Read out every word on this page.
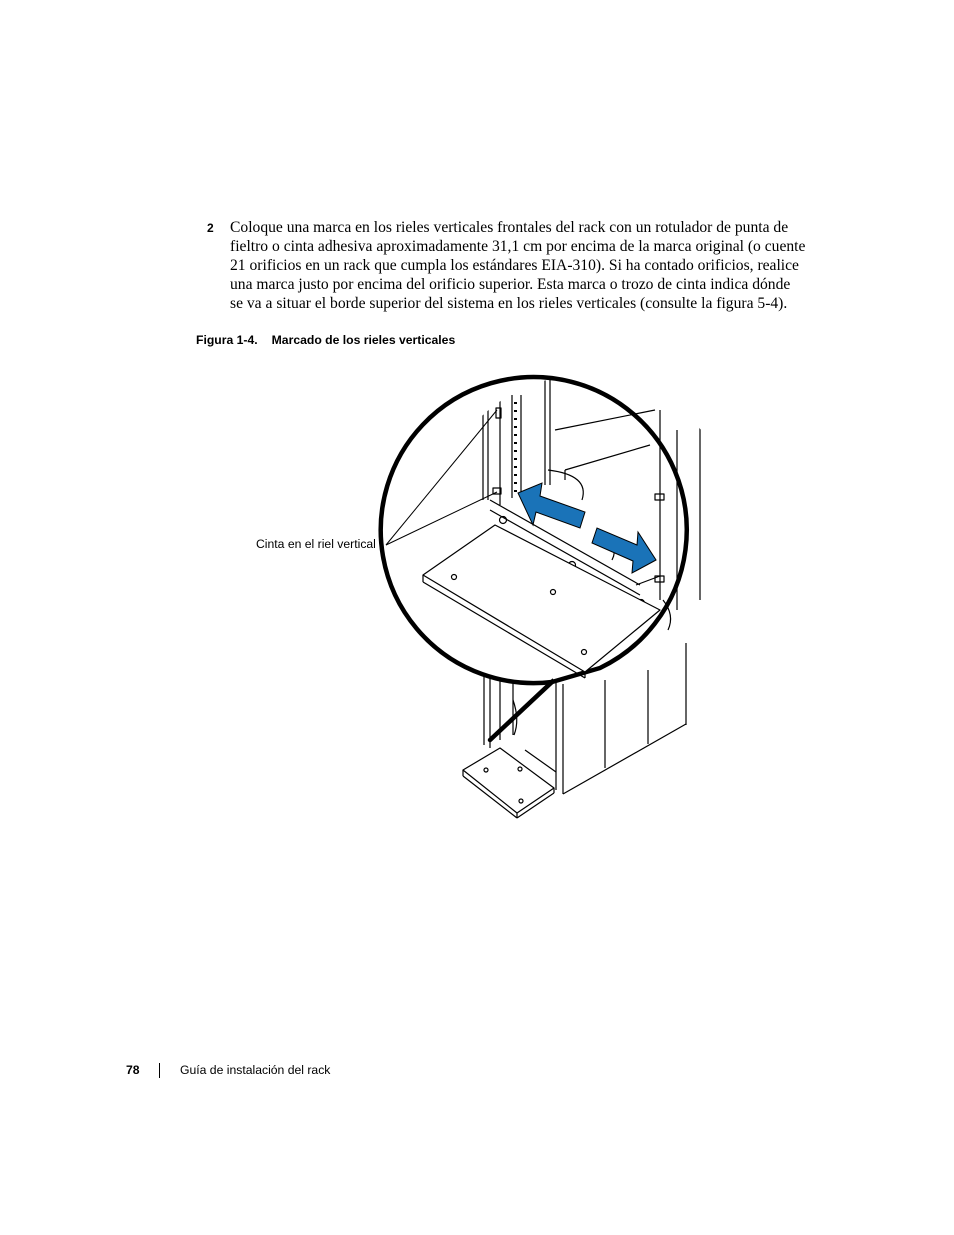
2 Coloque una marca en los rieles verticales frontales del rack con un rotulador de punta de
fieltro o cinta adhesiva aproximadamente 31,1 cm por encima de la marca original (o cuente
21 orificios en un rack que cumpla los estándares EIA-310). Si ha contado orificios, realice
una marca justo por encima del orificio superior. Esta marca o trozo de cinta indica dónde
se va a situar el borde superior del sistema en los rieles verticales (consulte la figura 5-4).
Figura 1-4. Marcado de los rieles verticales
Cinta en el riel vertical
78	Guía de instalación del rack
